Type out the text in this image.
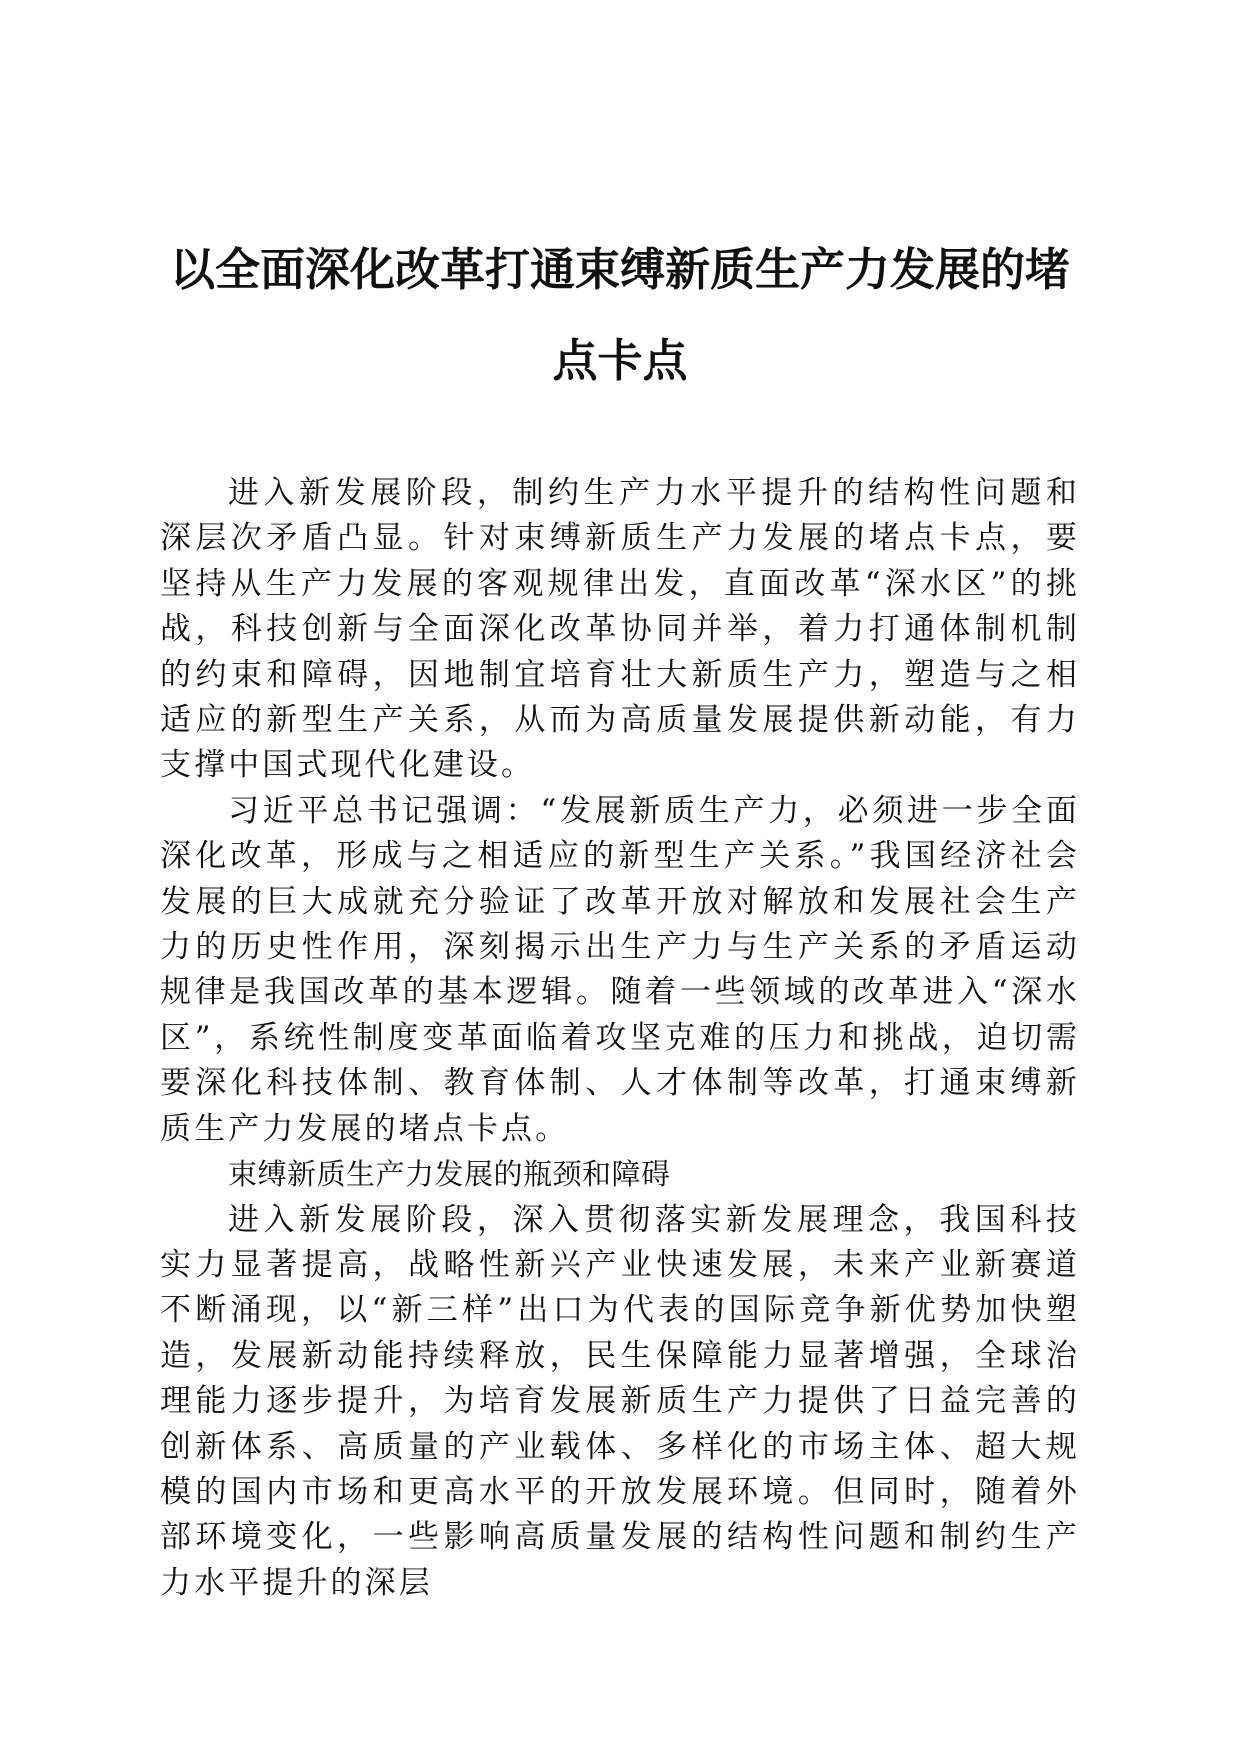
以全面深化改革打通束缚新质生产力发展的堵点卡点

进入新发展阶段，制约生产力水平提升的结构性问题和深层次矛盾凸显。针对束缚新质生产力发展的堵点卡点，要坚持从生产力发展的客观规律出发，直面改革“深水区”的挑战，科技创新与全面深化改革协同并举，着力打通体制机制的约束和障碍，因地制宜培育壮大新质生产力，塑造与之相适应的新型生产关系，从而为高质量发展提供新动能，有力支撑中国式现代化建设。

习近平总书记强调：“发展新质生产力，必须进一步全面深化改革，形成与之相适应的新型生产关系。”我国经济社会发展的巨大成就充分验证了改革开放对解放和发展社会生产力的历史性作用，深刻揭示出生产力与生产关系的矛盾运动规律是我国改革的基本逻辑。随着一些领域的改革进入“深水区”，系统性制度变革面临着攻坚克难的压力和挑战，迫切需要深化科技体制、教育体制、人才体制等改革，打通束缚新质生产力发展的堵点卡点。

束缚新质生产力发展的瓶颈和障碍

进入新发展阶段，深入贯彻落实新发展理念，我国科技实力显著提高，战略性新兴产业快速发展，未来产业新赛道不断涌现，以“新三样”出口为代表的国际竞争新优势加快塑造，发展新动能持续释放，民生保障能力显著增强，全球治理能力逐步提升，为培育发展新质生产力提供了日益完善的创新体系、高质量的产业载体、多样化的市场主体、超大规模的国内市场和更高水平的开放发展环境。但同时，随着外部环境变化，一些影响高质量发展的结构性问题和制约生产力水平提升的深层
